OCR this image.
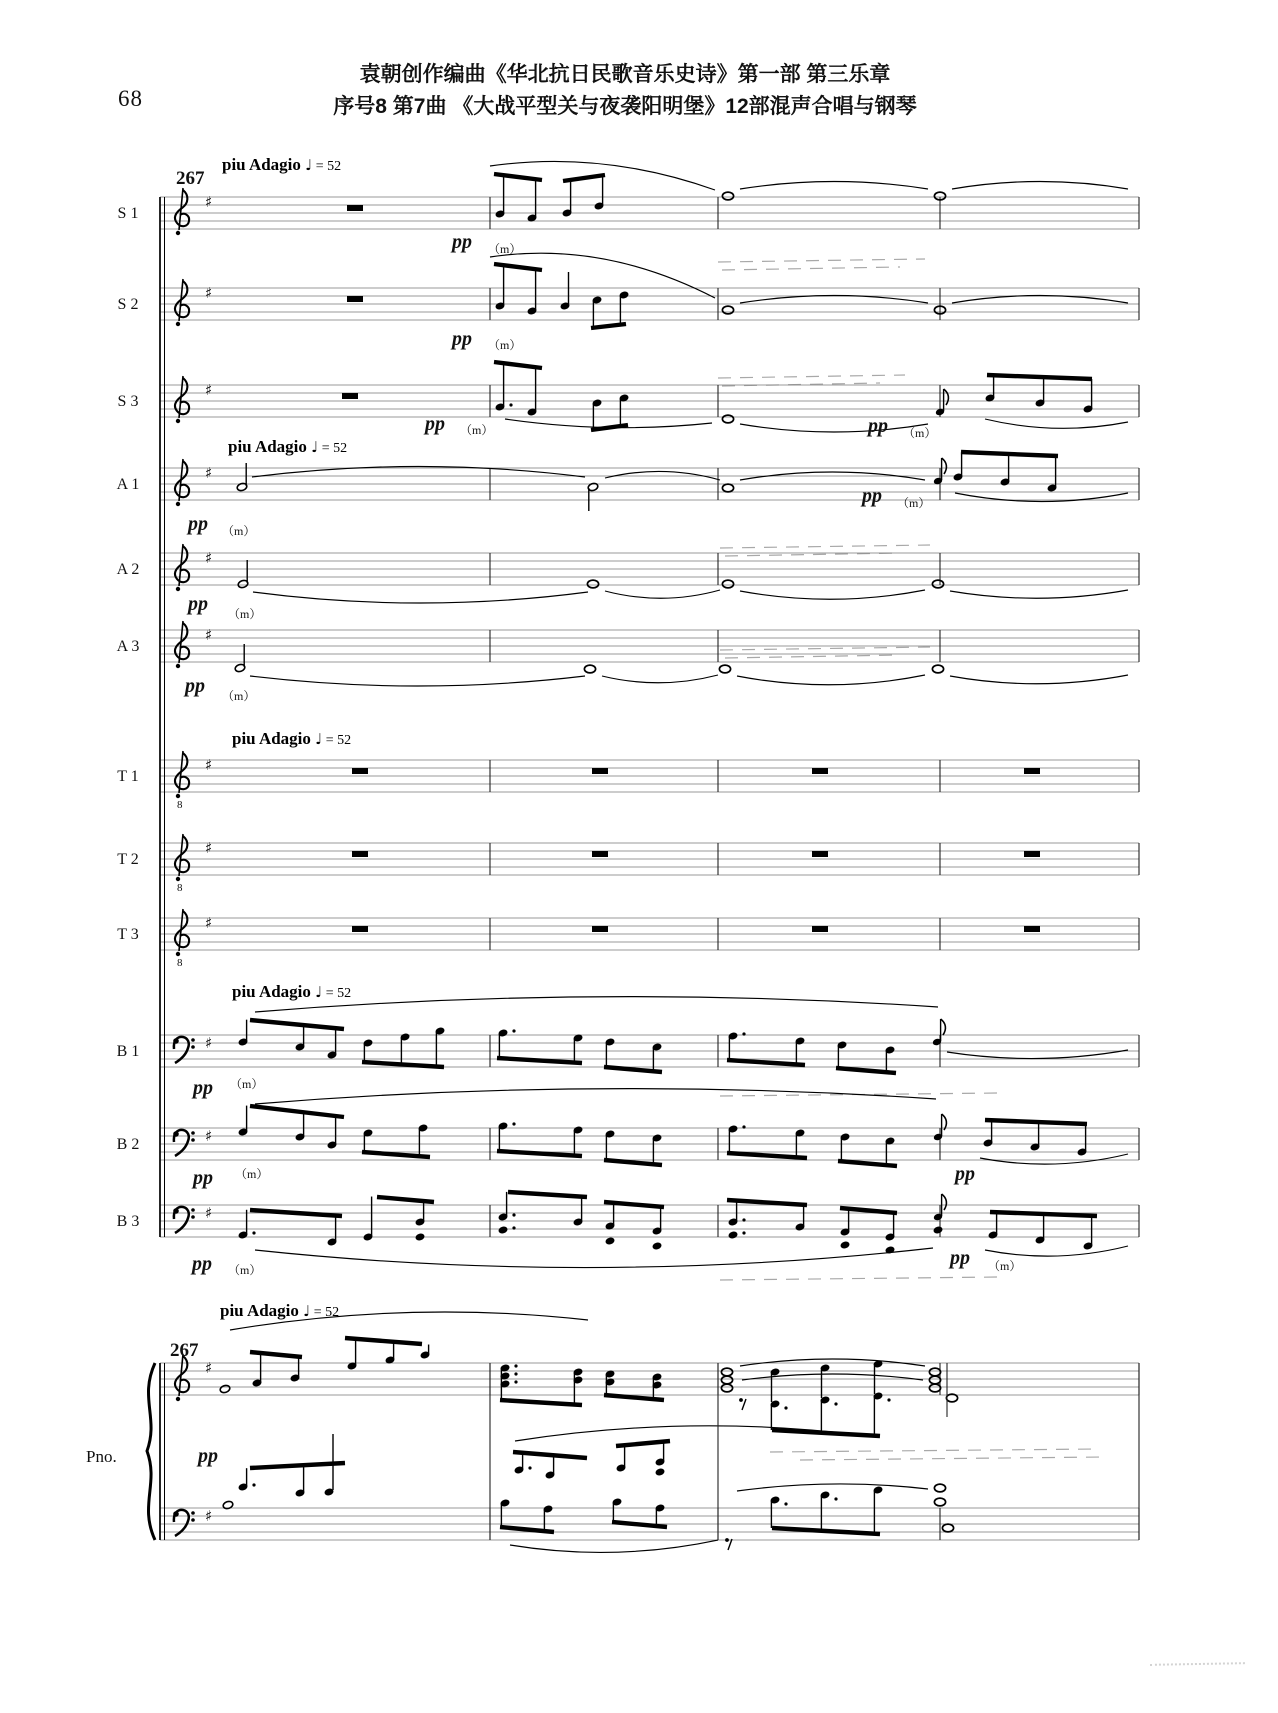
68
袁朝创作编曲《华北抗日民歌音乐史诗》第一部 第三乐章
序号8 第7曲 《大战平型关与夜袭阳明堡》12部混声合唱与钢琴
S 1
♯
S 2
♯
S 3
♯
A 1
♯
A 2
♯
A 3
♯
T 1
8
♯
T 2
8
♯
T 3
8
♯
B 1	♯
B 2	♯
B 3	♯
♯
♯
Pno.
267
267
piu Adagio ♩ = 52
piu Adagio ♩ = 52
piu Adagio ♩ = 52
piu Adagio ♩ = 52
piu Adagio ♩ = 52
pp （m）
pp （m）
pp （m）	pp （m）
pp （m）
pp （m）
pp （m）
pp （m）
pp （m）
pp （m）	pp
pp （m）
pp （m）
pp
